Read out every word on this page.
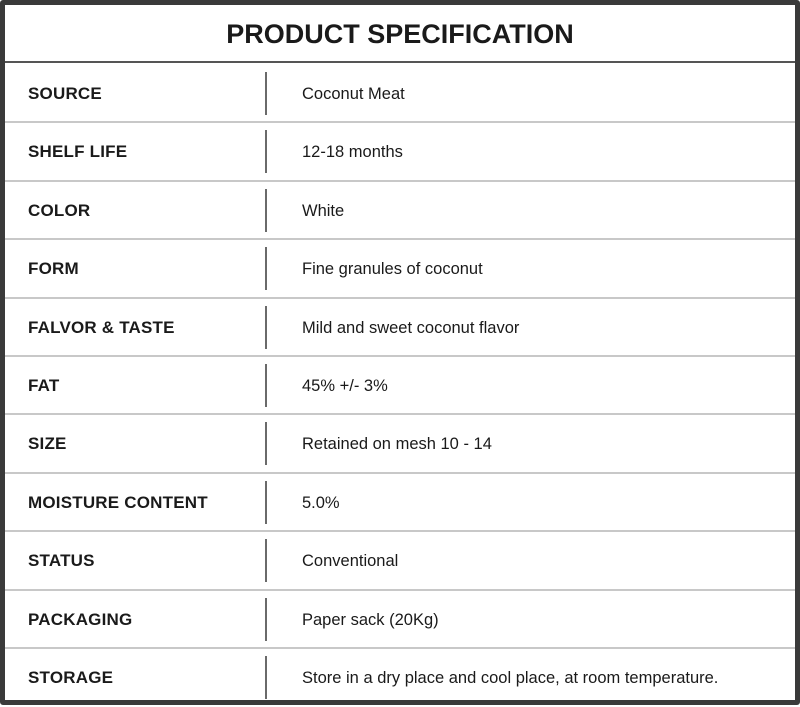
PRODUCT SPECIFICATION
SOURCE	Coconut Meat
SHELF LIFE	12-18 months
COLOR	White
FORM	Fine granules of coconut
FALVOR & TASTE	Mild and sweet coconut flavor
FAT	45% +/- 3%
SIZE	Retained on mesh 10 - 14
MOISTURE CONTENT	5.0%
STATUS	Conventional
PACKAGING	Paper sack (20Kg)
STORAGE	Store in a dry place and cool place, at room temperature.
